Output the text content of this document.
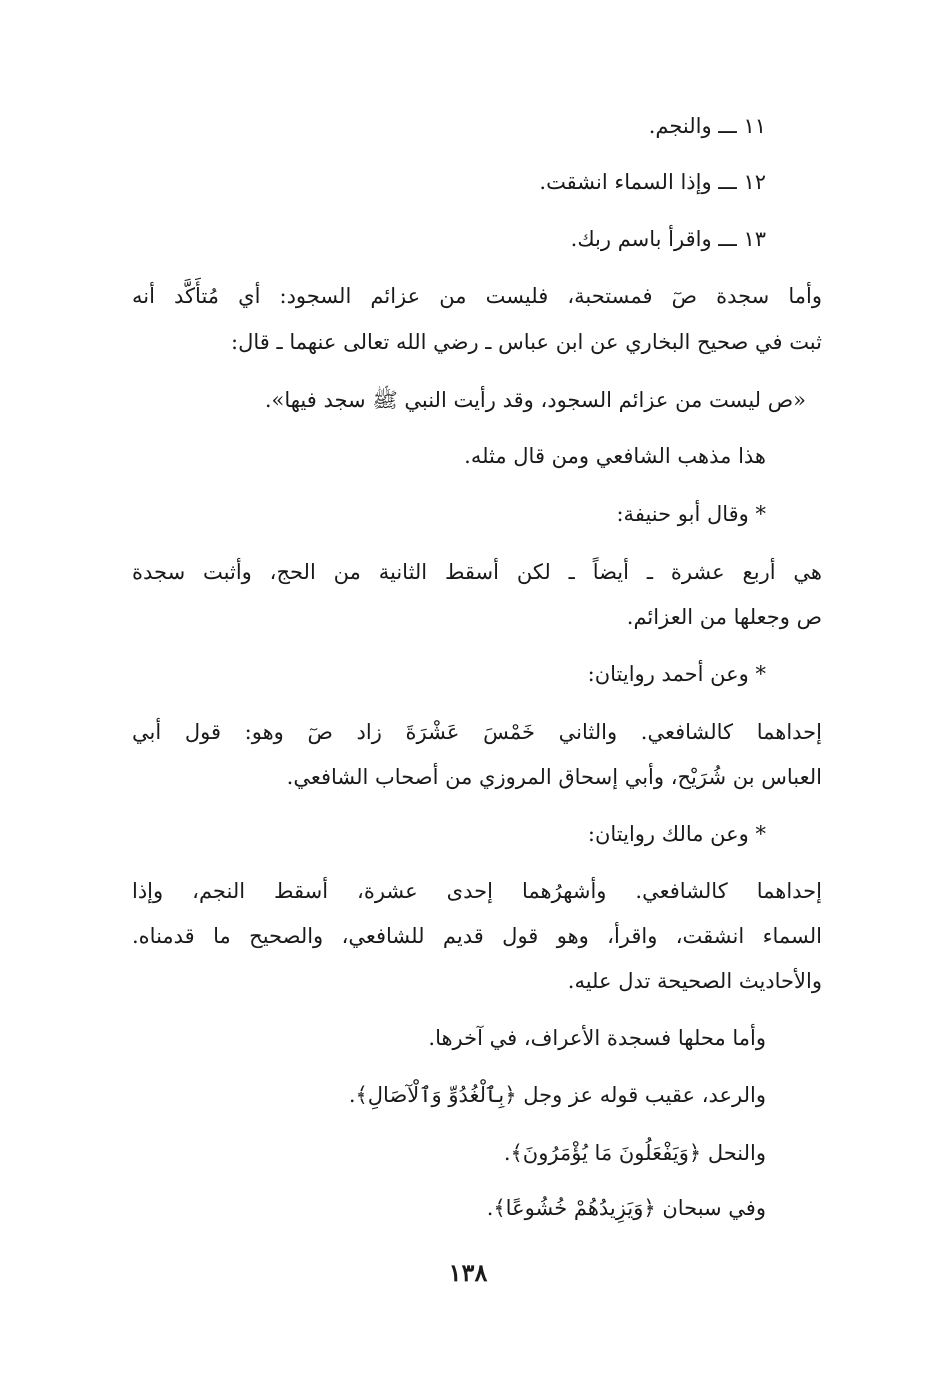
١١ ـــ والنجم.

١٢ ـــ وإذا السماء انشقت.

١٣ ـــ واقرأ باسم ربك.

وأما سجدة صٓ فمستحبة، فليست من عزائم السجود: أي مُتأَكَّد أنه

ثبت في صحيح البخاري عن ابن عباس ـ رضي الله تعالى عنهما ـ قال:

«ص ليست من عزائم السجود، وقد رأيت النبي ﷺ سجد فيها».

هذا مذهب الشافعي ومن قال مثله.

* وقال أبو حنيفة:

هي أربع عشرة ـ أيضاً ـ لكن أسقط الثانية من الحج، وأثبت سجدة

ص وجعلها من العزائم.

* وعن أحمد روايتان:

إحداهما كالشافعي. والثاني خَمْسَ عَشْرَةَ زاد صٓ وهو: قول أبي

العباس بن شُرَيْح، وأبي إسحاق المروزي من أصحاب الشافعي.

* وعن مالك روايتان:

إحداهما كالشافعي. وأشهرُهما إحدى عشرة، أسقط النجم، وإذا

السماء انشقت، واقرأ، وهو قول قديم للشافعي، والصحيح ما قدمناه.

والأحاديث الصحيحة تدل عليه.

وأما محلها فسجدة الأعراف، في آخرها.

والرعد، عقيب قوله عز وجل ﴿بِٱلْغُدُوِّ وَٱلْآصَالِ﴾.

والنحل ﴿وَيَفْعَلُونَ مَا يُؤْمَرُونَ﴾.

وفي سبحان ﴿وَيَزِيدُهُمْ خُشُوعًا﴾.

١٣٨
